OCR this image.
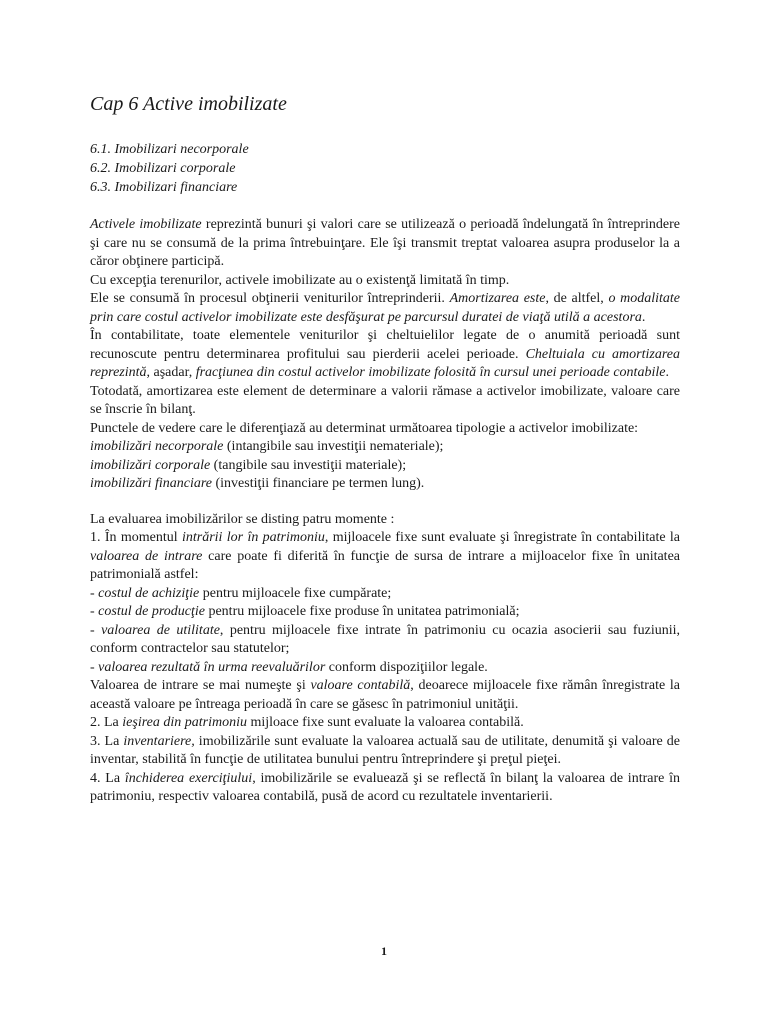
Cap 6 Active imobilizate
6.1. Imobilizari necorporale
6.2. Imobilizari corporale
6.3. Imobilizari financiare

Activele imobilizate reprezintă bunuri şi valori care se utilizează o perioadă îndelungată în întreprindere şi care nu se consumă de la prima întrebuinţare. Ele îşi transmit treptat valoarea asupra produselor la a căror obţinere participă.

Cu excepţia terenurilor, activele imobilizate au o existenţă limitată în timp.

Ele se consumă în procesul obţinerii veniturilor întreprinderii. Amortizarea este, de altfel, o modalitate prin care costul activelor imobilizate este desfăşurat pe parcursul duratei de viaţă utilă a acestora.

În contabilitate, toate elementele veniturilor şi cheltuielilor legate de o anumită perioadă sunt recunoscute pentru determinarea profitului sau pierderii acelei perioade. Cheltuiala cu amortizarea reprezintă, aşadar, fracţiunea din costul activelor imobilizate folosită în cursul unei perioade contabile.

Totodată, amortizarea este element de determinare a valorii rămase a activelor imobilizate, valoare care se înscrie în bilanţ.

Punctele de vedere care le diferenţiază au determinat următoarea tipologie a activelor imobilizate:

imobilizări necorporale (intangibile sau investiţii nemateriale);

imobilizări corporale (tangibile sau investiţii materiale);

imobilizări financiare (investiţii financiare pe termen lung).

La evaluarea imobilizărilor se disting patru momente :

1. În momentul intrării lor în patrimoniu, mijloacele fixe sunt evaluate şi înregistrate în contabilitate la valoarea de intrare care poate fi diferită în funcţie de sursa de intrare a mijloacelor fixe în unitatea patrimonială astfel:

- costul de achiziţie pentru mijloacele fixe cumpărate;

- costul de producţie pentru mijloacele fixe produse în unitatea patrimonială;

- valoarea de utilitate, pentru mijloacele fixe intrate în patrimoniu cu ocazia asocierii sau fuziunii, conform contractelor sau statutelor;

- valoarea rezultată în urma reevaluărilor conform dispoziţiilor legale.

Valoarea de intrare se mai numeşte şi valoare contabilă, deoarece mijloacele fixe rămân înregistrate la această valoare pe întreaga perioadă în care se găsesc în patrimoniul unităţii.

2. La ieşirea din patrimoniu mijloace fixe sunt evaluate la valoarea contabilă.

3. La inventariere, imobilizările sunt evaluate la valoarea actuală sau de utilitate, denumită şi valoare de inventar, stabilită în funcţie de utilitatea bunului pentru întreprindere şi preţul pieţei.

4. La închiderea exerciţiului, imobilizările se evaluează şi se reflectă în bilanţ la valoarea de intrare în patrimoniu, respectiv valoarea contabilă, pusă de acord cu rezultatele inventarierii.

1
